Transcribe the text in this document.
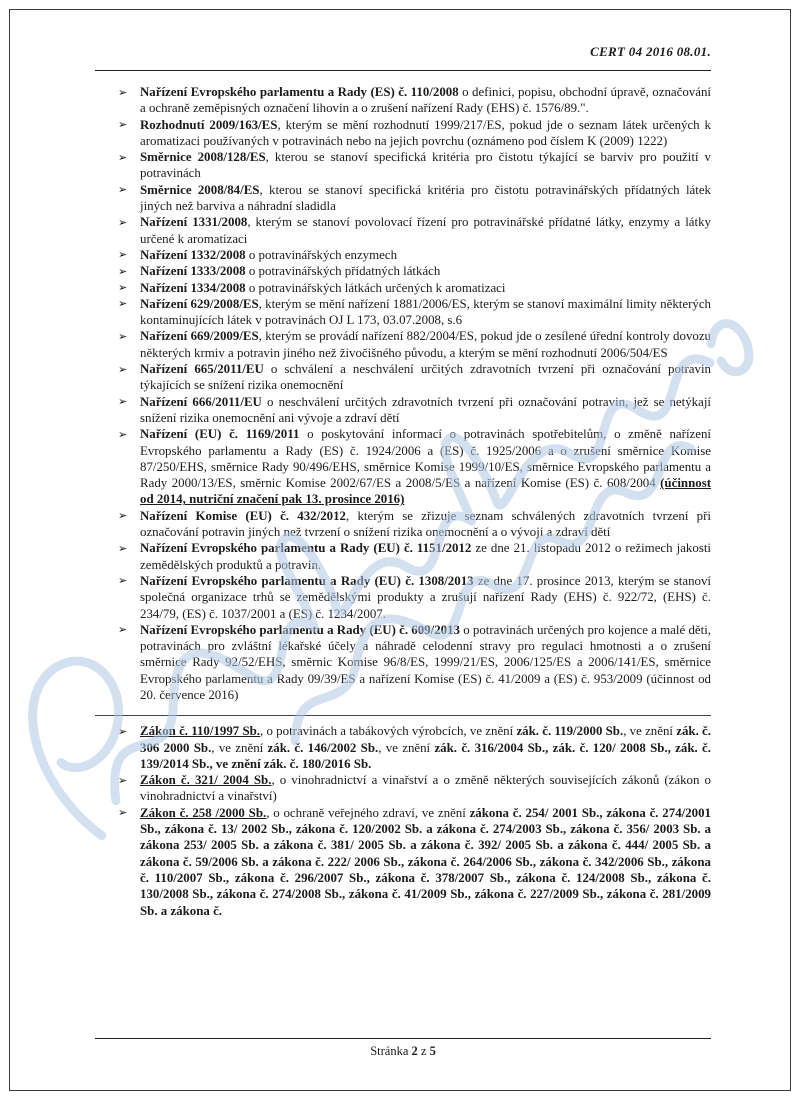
CERT 04 2016 08.01.
➢ Nařízení Evropského parlamentu a Rady (ES) č. 110/2008 o definici, popisu, obchodní úpravě, označování a ochraně zeměpisných označení lihovin a o zrušení nařízení Rady (EHS) č. 1576/89.".
➢ Rozhodnutí 2009/163/ES, kterým se mění rozhodnutí 1999/217/ES, pokud jde o seznam látek určených k aromatizaci používaných v potravinách nebo na jejich povrchu (oznámeno pod číslem K (2009) 1222)
➢ Směrnice 2008/128/ES, kterou se stanoví specifická kritéria pro čistotu týkající se barviv pro použití v potravinách
➢ Směrnice 2008/84/ES, kterou se stanoví specifická kritéria pro čistotu potravinářských přídatných látek jiných než barviva a náhradní sladidla
➢ Nařízení 1331/2008, kterým se stanoví povolovací řízení pro potravinářské přídatné látky, enzymy a látky určené k aromatizaci
➢ Nařízení 1332/2008 o potravinářských enzymech
➢ Nařízení 1333/2008 o potravinářských přídatných látkách
➢ Nařízení 1334/2008 o potravinářských látkách určených k aromatizaci
➢ Nařízení 629/2008/ES, kterým se mění nařízení 1881/2006/ES, kterým se stanoví maximální limity některých kontaminujících látek v potravinách OJ L 173, 03.07.2008, s.6
➢ Nařízení 669/2009/ES, kterým se provádí nařízení 882/2004/ES, pokud jde o zesílené úřední kontroly dovozu některých krmiv a potravin jiného než živočišného původu, a kterým se mění rozhodnutí 2006/504/ES
➢ Nařízení 665/2011/EU o schválení a neschválení určitých zdravotních tvrzení při označování potravin týkajících se snížení rizika onemocnění
➢ Nařízení 666/2011/EU o neschválení určitých zdravotních tvrzení při označování potravin, jež se netýkají snížení rizika onemocnění ani vývoje a zdraví dětí
➢ Nařízení (EU) č. 1169/2011 o poskytování informací o potravinách spotřebitelům, o změně nařízení Evropského parlamentu a Rady (ES) č. 1924/2006 a (ES) č. 1925/2006 a o zrušení směrnice Komise 87/250/EHS, směrnice Rady 90/496/EHS, směrnice Komise 1999/10/ES, směrnice Evropského parlamentu a Rady 2000/13/ES, směrnic Komise 2002/67/ES a 2008/5/ES a nařízení Komise (ES) č. 608/2004 (účinnost od 2014, nutriční značení pak 13. prosince 2016)
➢ Nařízení Komise (EU) č. 432/2012, kterým se zřizuje seznam schválených zdravotních tvrzení při označování potravin jiných než tvrzení o snížení rizika onemocnění a o vývoji a zdraví dětí
➢ Nařízení Evropského parlamentu a Rady (EU) č. 1151/2012 ze dne 21. listopadu 2012 o režimech jakosti zemědělských produktů a potravin.
➢ Nařízení Evropského parlamentu a Rady (EU) č. 1308/2013 ze dne 17. prosince 2013, kterým se stanoví společná organizace trhů se zemědělskými produkty a zrušují nařízení Rady (EHS) č. 922/72, (EHS) č. 234/79, (ES) č. 1037/2001 a (ES) č. 1234/2007.
➢ Nařízení Evropského parlamentu a Rady (EU) č. 609/2013 o potravinách určených pro kojence a malé děti, potravinách pro zvláštní lékařské účely a náhradě celodenní stravy pro regulaci hmotnosti a o zrušení směrnice Rady 92/52/EHS, směrnic Komise 96/8/ES, 1999/21/ES, 2006/125/ES a 2006/141/ES, směrnice Evropského parlamentu a Rady 09/39/ES a nařízení Komise (ES) č. 41/2009 a (ES) č. 953/2009 (účinnost od 20. července 2016)
➢ Zákon č. 110/1997 Sb., o potravinách a tabákových výrobcích, ve znění zák. č. 119/2000 Sb., ve znění zák. č. 306 2000 Sb., ve znění zák. č. 146/2002 Sb., ve znění zák. č. 316/2004 Sb., zák. č. 120/ 2008 Sb., zák. č. 139/2014 Sb., ve znění zák. č. 180/2016 Sb.
➢ Zákon č. 321/ 2004 Sb., o vinohradnictví a vinařství a o změně některých souvisejících zákonů (zákon o vinohradnictví a vinařství)
➢ Zákon č. 258 /2000 Sb., o ochraně veřejného zdraví, ve znění zákona č. 254/ 2001 Sb., zákona č. 274/2001 Sb., zákona č. 13/ 2002 Sb., zákona č. 120/2002 Sb. a zákona č. 274/2003 Sb., zákona č. 356/ 2003 Sb. a zákona 253/ 2005 Sb. a zákona č. 381/ 2005 Sb. a zákona č. 392/ 2005 Sb. a zákona č. 444/ 2005 Sb. a zákona č. 59/2006 Sb. a zákona č. 222/ 2006 Sb., zákona č. 264/2006 Sb., zákona č. 342/2006 Sb., zákona č. 110/2007 Sb., zákona č. 296/2007 Sb., zákona č. 378/2007 Sb., zákona č. 124/2008 Sb., zákona č. 130/2008 Sb., zákona č. 274/2008 Sb., zákona č. 41/2009 Sb., zákona č. 227/2009 Sb., zákona č. 281/2009 Sb. a zákona č.
Stránka 2 z 5
